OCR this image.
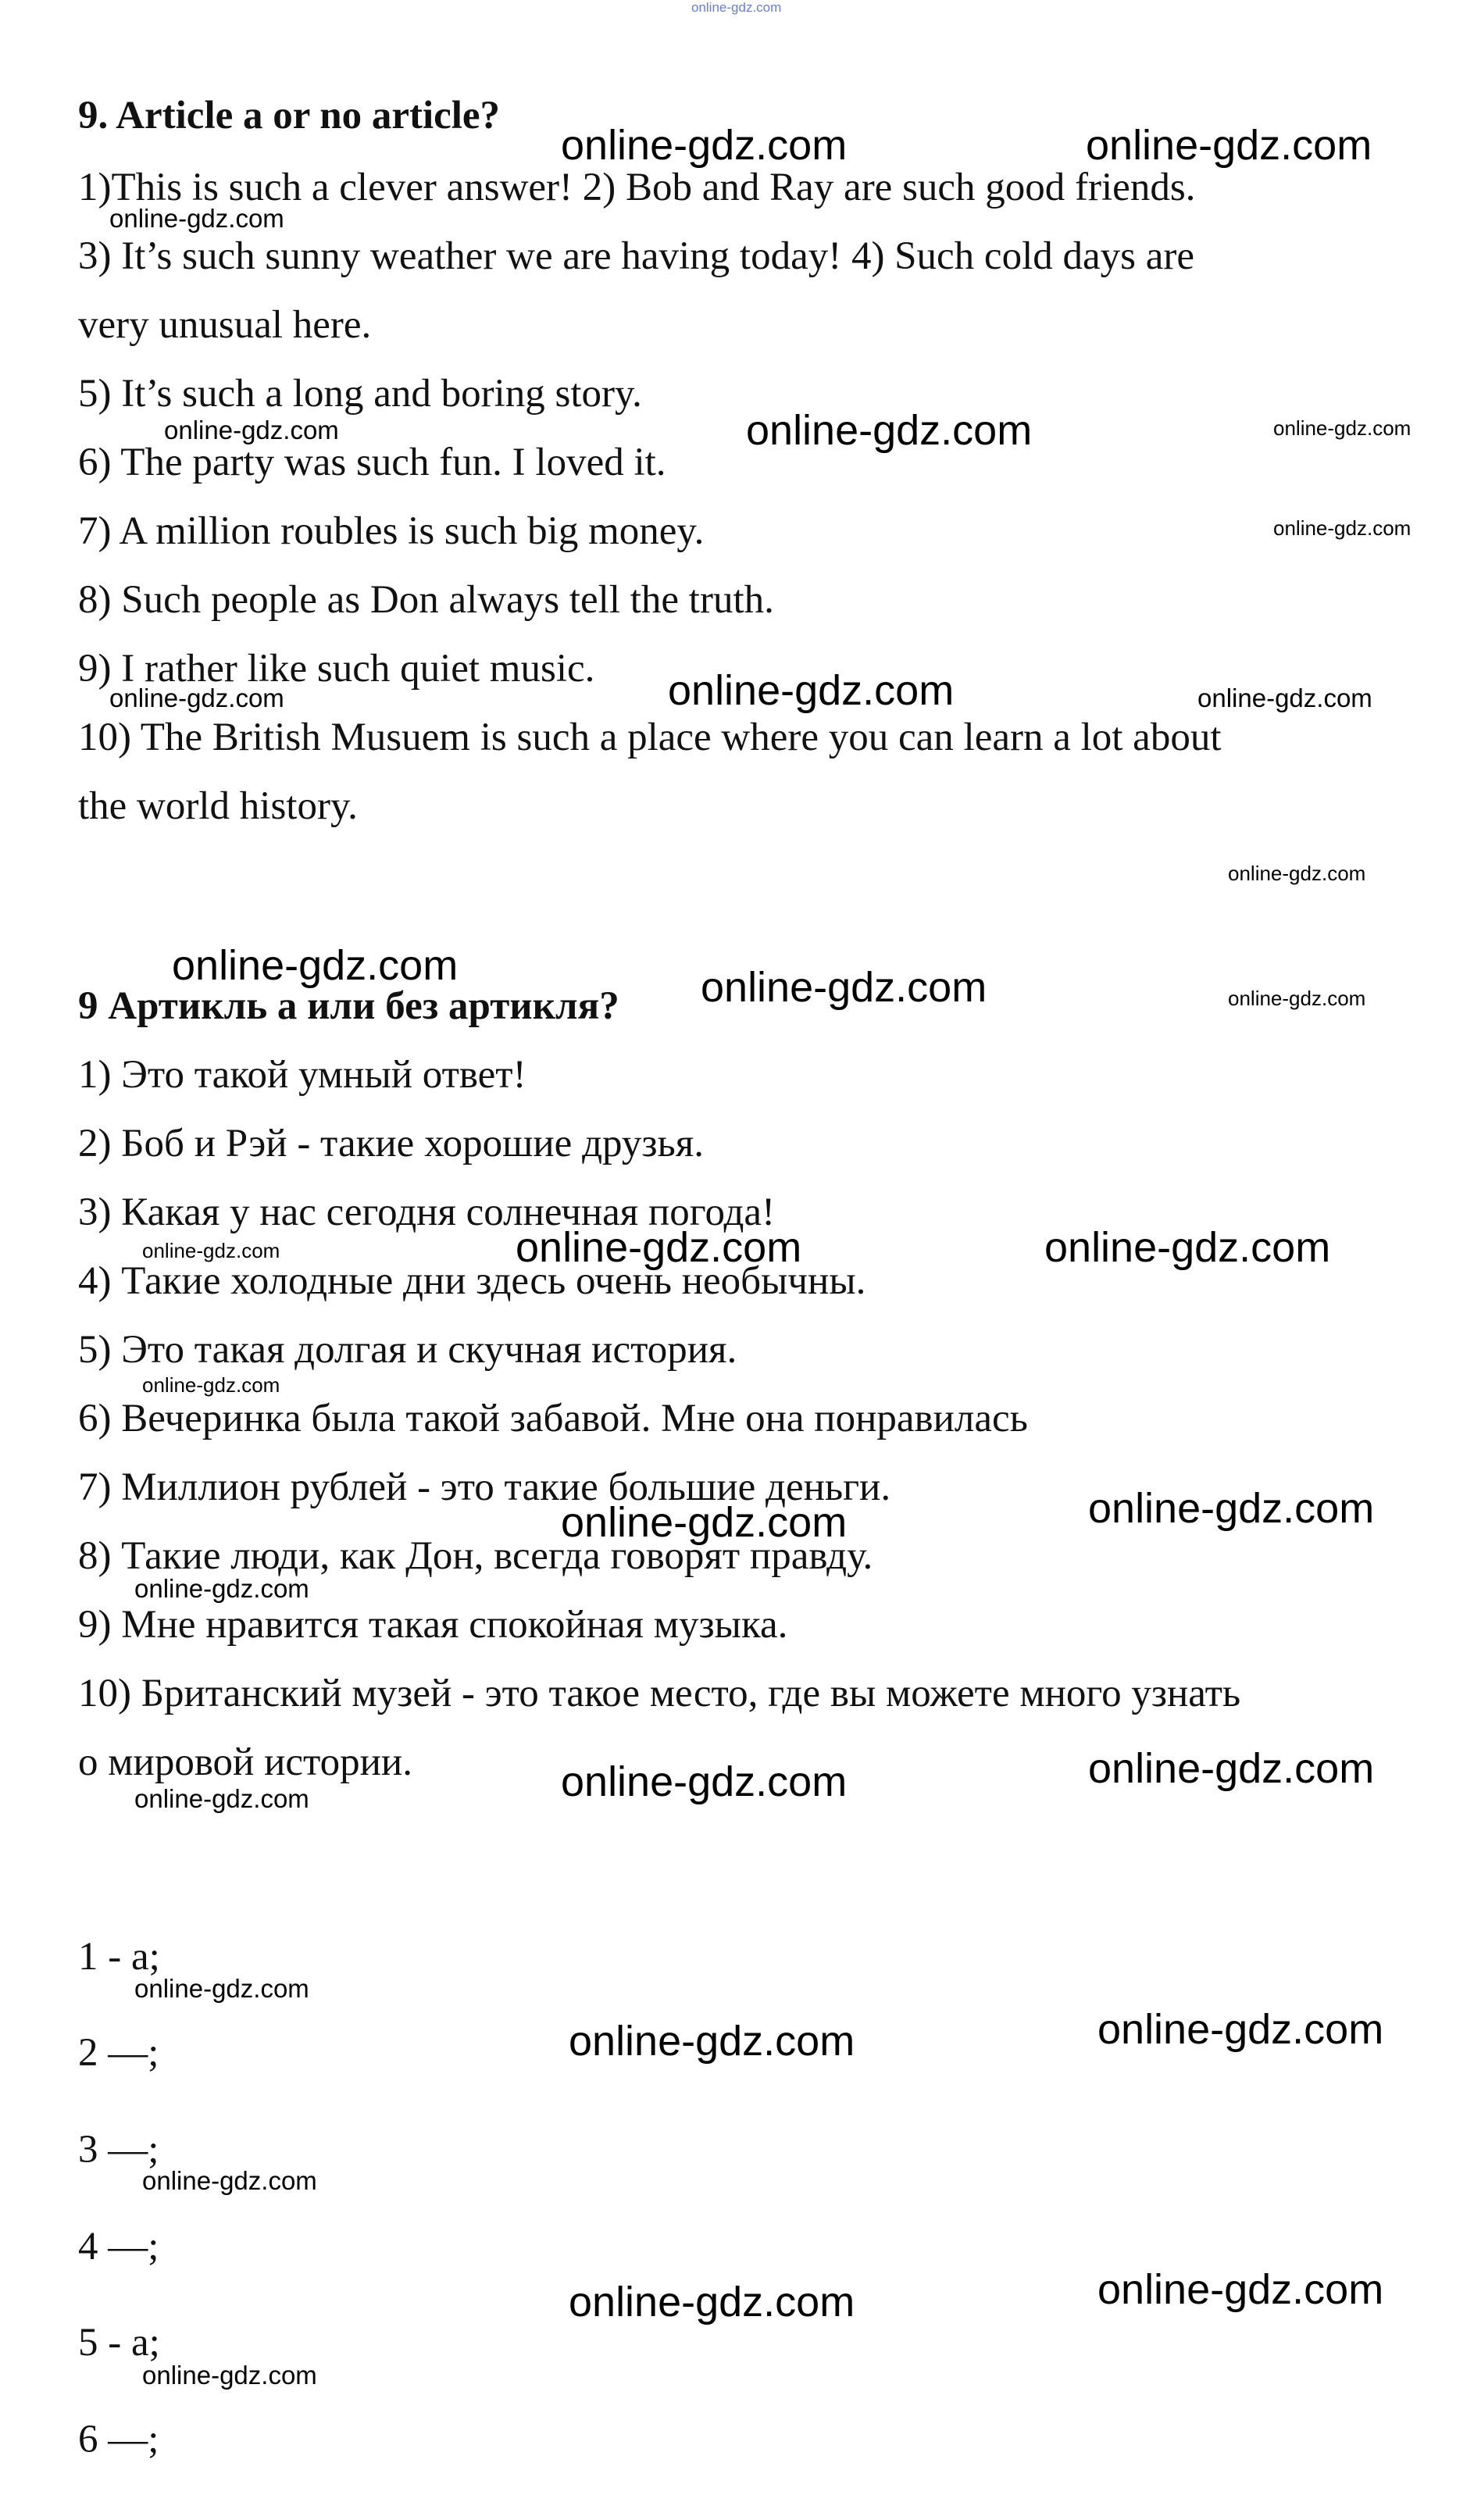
online-gdz.com
9. Article a or no article?

1)This is such a clever answer! 2) Bob and Ray are such good friends.

3) It’s such sunny weather we are having today! 4) Such cold days are

very unusual here.

5) It’s such a long and boring story.

6) The party was such fun. I loved it.

7) A million roubles is such big money.

8) Such people as Don always tell the truth.

9) I rather like such quiet music.

10) The British Musuem is such a place where you can learn a lot about

the world history.

9 Артикль a или без артикля?

1) Это такой умный ответ!

2) Боб и Рэй - такие хорошие друзья.

3) Какая у нас сегодня солнечная погода!

4) Такие холодные дни здесь очень необычны.

5) Это такая долгая и скучная история.

6) Вечеринка была такой забавой. Мне она понравилась

7) Миллион рублей - это такие большие деньги.

8) Такие люди, как Дон, всегда говорят правду.

9) Мне нравится такая спокойная музыка.

10) Британский музей - это такое место, где вы можете много узнать

о мировой истории.

1 - a;

2 —;

3 —;

4 —;

5 - a;

6 —;

online-gdz.com	online-gdz.com
online-gdz.com
online-gdz.com	online-gdz.com	online-gdz.com
online-gdz.com
online-gdz.com	online-gdz.com	online-gdz.com
online-gdz.com
online-gdz.com	online-gdz.com	online-gdz.com
online-gdz.com	online-gdz.com	online-gdz.com
online-gdz.com
online-gdz.com	online-gdz.com
online-gdz.com
online-gdz.com	online-gdz.com	online-gdz.com
online-gdz.com
online-gdz.com	online-gdz.com
online-gdz.com
online-gdz.com	online-gdz.com
online-gdz.com
